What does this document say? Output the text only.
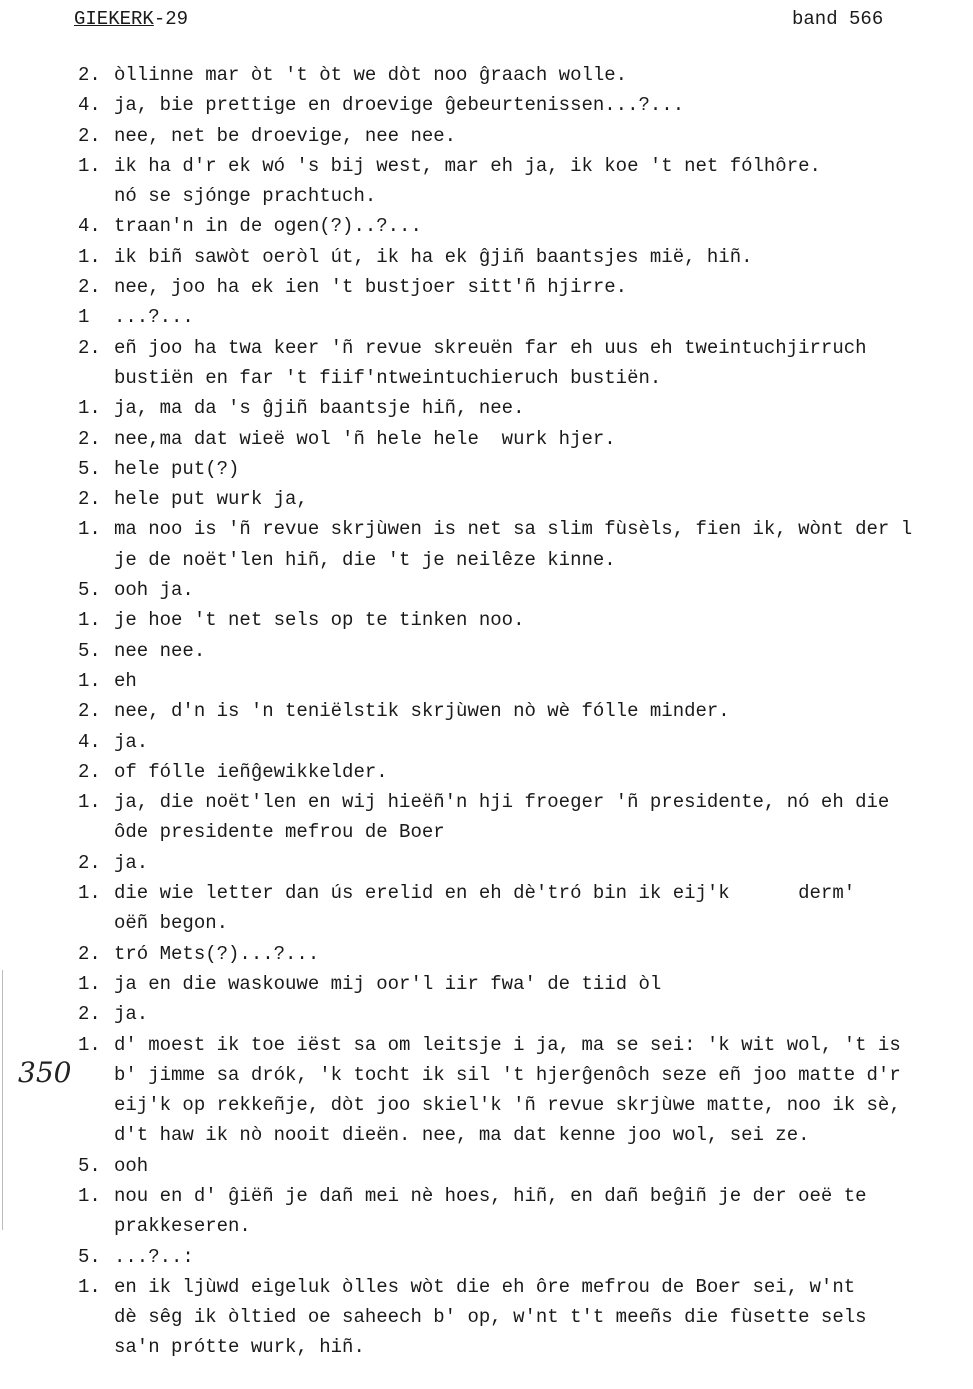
GIEKERK-29	band 566
350
2. òllinne mar òt 't òt we dòt noo ĝraach wolle.
4. ja, bie prettige en droevige ĝebeurtenissen...?...
2. nee, net be droevige, nee nee.
1. ik ha d'r ek wó 's bij west, mar eh ja, ik koe 't net fólhôre.
nó se sjónge prachtuch.
4. traan'n in de ogen(?)..?...
1. ik biñ sawòt oeròl út, ik ha ek ĝjiñ baantsjes mië, hiñ.
2. nee, joo ha ek ien 't bustjoer sitt'ñ hjirre.
1	...?...
2. eñ joo ha twa keer 'ñ revue skreuën far eh uus eh tweintuchjirruch
bustiën en far 't fiif'ntweintuchieruch bustiën.
1. ja, ma da 's ĝjiñ baantsje hiñ, nee.
2. nee,ma dat wieë wol 'ñ hele hele  wurk hjer.
5. hele put(?)
2. hele put wurk ja,
1. ma noo is 'ñ revue skrjùwen is net sa slim fùsèls, fien ik, wònt der l
je de noët'len hiñ, die 't je neilêze kinne.
5. ooh ja.
1. je hoe 't net sels op te tinken noo.
5. nee nee.
1. eh
2. nee, d'n is 'n teniëlstik skrjùwen nò wè fólle minder.
4. ja.
2. of fólle ieñĝewikkelder.
1. ja, die noët'len en wij hieëñ'n hji froeger 'ñ presidente, nó eh die
ôde presidente mefrou de Boer
2. ja.
1. die wie letter dan ús erelid en eh dè'tró bin ik eij'k      derm'
oëñ begon.
2. tró Mets(?)...?...
1. ja en die waskouwe mij oor'l iir fwa' de tiid òl
2. ja.
1. d' moest ik toe iëst sa om leitsje i ja, ma se sei: 'k wit wol, 't is
b' jimme sa drók, 'k tocht ik sil 't hjerĝenôch seze eñ joo matte d'r
eij'k op rekkeñje, dòt joo skiel'k 'ñ revue skrjùwe matte, noo ik sè,
d't haw ik nò nooit dieën. nee, ma dat kenne joo wol, sei ze.
5. ooh
1. nou en d' ĝiëñ je dañ mei nè hoes, hiñ, en dañ beĝiñ je der oeë te
prakkeseren.
5. ...?..:
1. en ik ljùwd eigeluk òlles wòt die eh ôre mefrou de Boer sei, w'nt
dè sêg ik òltied oe saheech b' op, w'nt t't meeñs die fùsette sels
sa'n prótte wurk, hiñ.
